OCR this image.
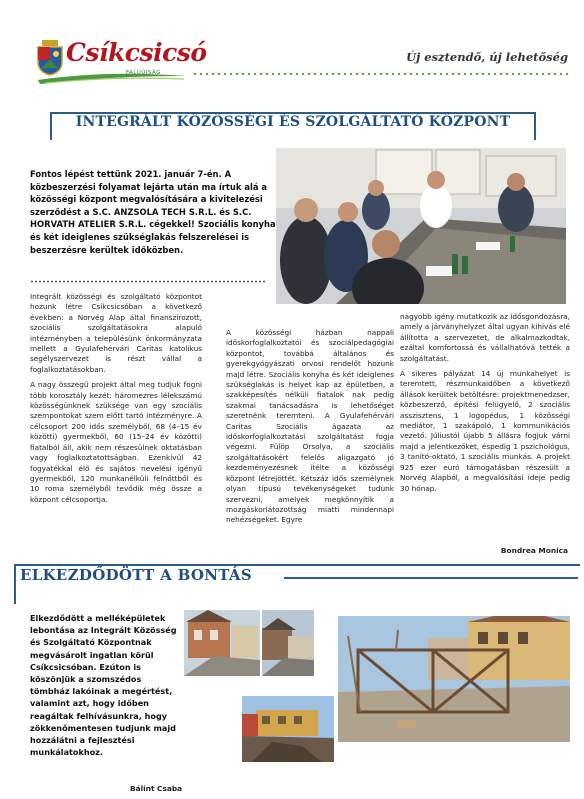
Csíkcsicsó
FALUÚJSÁG
Új esztendő, új lehetőség
INTEGRÁLT KÖZÖSSÉGI ÉS SZOLGÁLTATÓ KÖZPONT

Fontos lépést tettünk 2021. január 7-én. A közbeszerzési folyamat lejárta után ma írtuk alá a közösségi központ megvalósítására a kivitelezési szerződést a S.C. ANZSOLA TECH S.R.L. és S.C. HORVATH ATELIER S.R.L. cégekkel! Szociális konyha és két ideiglenes szükséglakás felszerelései is beszerzésre kerültek időközben.

Integrált közösségi és szolgáltató központot hozunk létre Csíkcsicsóban a következő években: a Norvég Alap által finanszírozott, szociális szolgáltatásokra alapuló intézményben a településünk önkormányzata mellett a Gyulafehérvári Caritas katolikus segélyszervezet is részt vállal a foglalkoztatásokban.

A nagy összegű projekt által meg tudjuk fogni több korosztály kezét: háromezres lélekszámú közösségünknek szüksége van egy szociális szempontokat szem előtt tartó intézményre. A célcsoport 200 idős személyből, 68 (4–15 év közötti) gyermekből, 60 (15–24 év közötti) fiatalból áll, akik nem részesülnek oktatásban vagy foglalkoztatottságban. Ezenkívül 42 fogyatékkal élő és sajátos nevelési igényű gyermekből, 120 munkanélküli felnőttből és 10 roma személyből tevődik még össze a központ célcsoportja.

A közösségi házban nappali időskorfoglalkoztatói és szociálpedagógiai központot, továbbá általános és gyerekgyógyászati orvosi rendelőt hozunk majd létre. Szociális konyha és két ideiglenes szükséglakás is helyet kap az épületben, a szakképesítés nélküli fiatalok nak pedig szakmai tanácsadásra is lehetőséget szeretnénk teremteni. A Gyulafehérvári Caritas Szociális ágazata az időskorfoglalkoztatási szolgáltatást fogja végezni. Fülöp Orsolya, a szociális szolgáltatásokért felelős aligazgató jó kezdeményezésnek ítélte a közösségi központ létrejöttét. Kétszáz idős személynek olyan típusú tevékenységeket tudunk szervezni, amelyek megkönnyítik a mozgáskorlátozottság miatti mindennapi nehézségeket. Egyre

nagyobb igény mutatkozik az idősgondozásra, amely a járványhelyzet által ugyan kihívás elé állította a szervezetet, de alkalmazkodtak, ezáltal komfortossá és vállalhatóvá tették a szolgáltatást.

A sikeres pályázat 14 új munkahelyet is teremtett, részmunkaidőben a következő állások kerültek betöltésre: projektmenedzser, közbeszerző, építési felügyelő, 2 szociális asszisztens, 1 logopédus, 1 közösségi mediátor, 1 szakápoló, 1 kommunikációs vezető. Júliustól újabb 5 állásra fogjuk várni majd a jelentkezőket, éspedig 1 pszichológus, 3 tanító-oktató, 1 szociális munkás. A projekt 925 ezer euró támogatásban részesült a Norvég Alapból, a megvalósítási ideje pedig 30 hónap.

Bondrea Monica
ELKEZDŐDÖTT A BONTÁS

Elkezdődött a melléképületek lebontása az Integrált Közösség és Szolgáltató Központnak megvásárolt ingatlan körül Csíkcsicsóban. Ezúton is köszönjük a szomszédos tömbház lakóinak a megértést, valamint azt, hogy időben reagáltak felhívásunkra, hogy zökkenőmentesen tudjunk majd hozzálátni a fejlesztési munkálatokhoz.

Bálint Csaba
